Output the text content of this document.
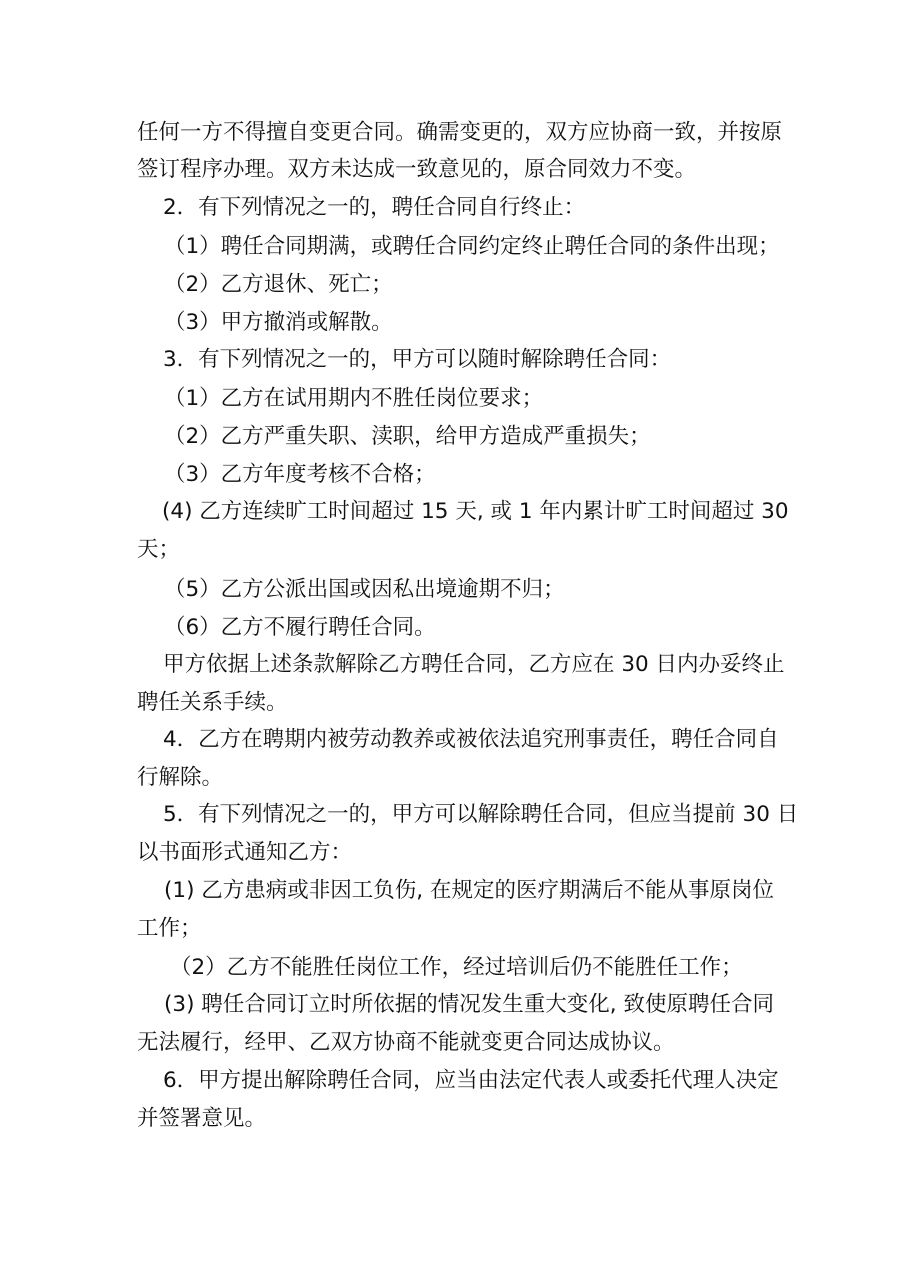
任何一方不得擅自变更合同。确需变更的，双方应协商一致，并按原
签订程序办理。双方未达成一致意见的，原合同效力不变。
2．有下列情况之一的，聘任合同自行终止：
（1）聘任合同期满，或聘任合同约定终止聘任合同的条件出现；
（2）乙方退休、死亡；
（3）甲方撤消或解散。
3．有下列情况之一的，甲方可以随时解除聘任合同：
（1）乙方在试用期内不胜任岗位要求；
（2）乙方严重失职、渎职，给甲方造成严重损失；
（3）乙方年度考核不合格；
(4) 乙方连续旷工时间超过 15 天, 或 1 年内累计旷工时间超过 30
天；
（5）乙方公派出国或因私出境逾期不归；
（6）乙方不履行聘任合同。
甲方依据上述条款解除乙方聘任合同，乙方应在 30 日内办妥终止
聘任关系手续。
4．乙方在聘期内被劳动教养或被依法追究刑事责任，聘任合同自
行解除。
5．有下列情况之一的，甲方可以解除聘任合同，但应当提前 30 日
以书面形式通知乙方：
(1) 乙方患病或非因工负伤, 在规定的医疗期满后不能从事原岗位
工作；
（2）乙方不能胜任岗位工作，经过培训后仍不能胜任工作；
(3) 聘任合同订立时所依据的情况发生重大变化, 致使原聘任合同
无法履行，经甲、乙双方协商不能就变更合同达成协议。
6．甲方提出解除聘任合同，应当由法定代表人或委托代理人决定
并签署意见。
